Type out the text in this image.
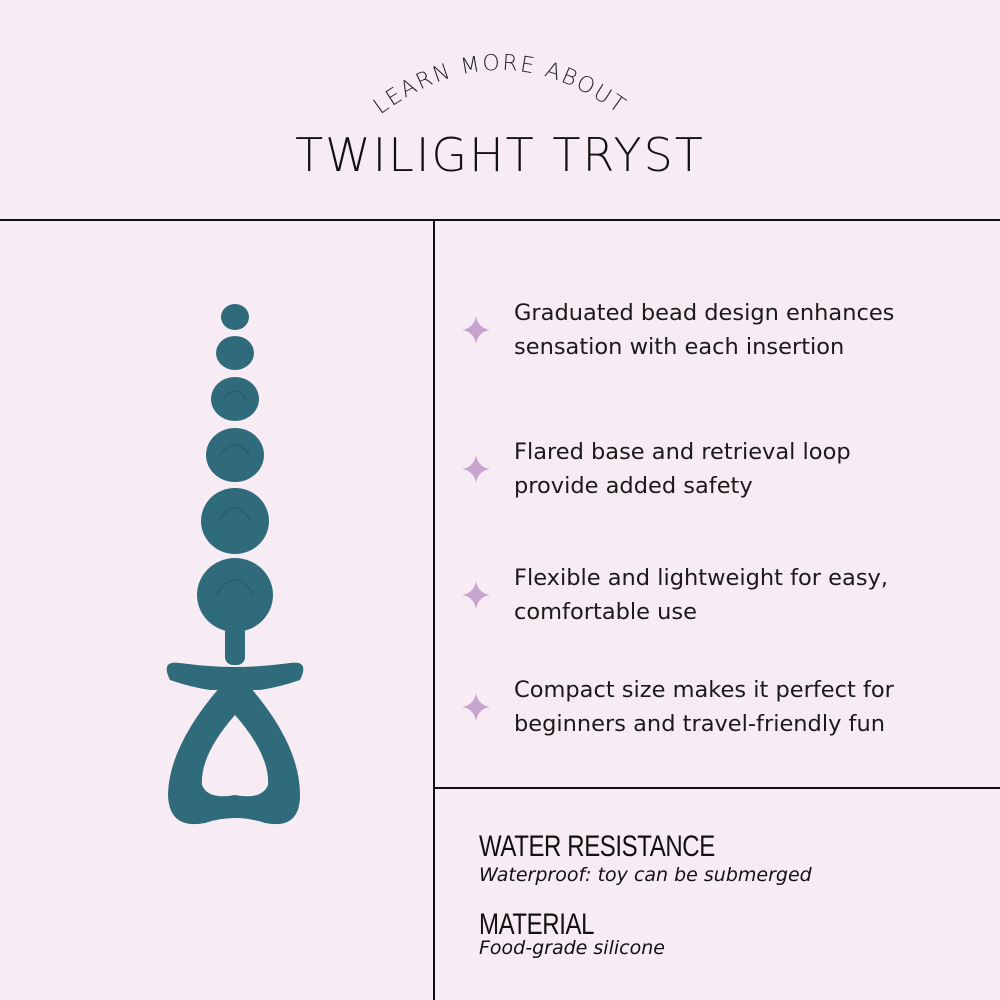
LEARN MORE ABOUT
TWILIGHT TRYST
Graduated bead design enhances
sensation with each insertion
Flared base and retrieval loop
provide added safety
Flexible and lightweight for easy,
comfortable use
Compact size makes it perfect for
beginners and travel-friendly fun
WATER RESISTANCE
Waterproof: toy can be submerged
MATERIAL
Food-grade silicone
